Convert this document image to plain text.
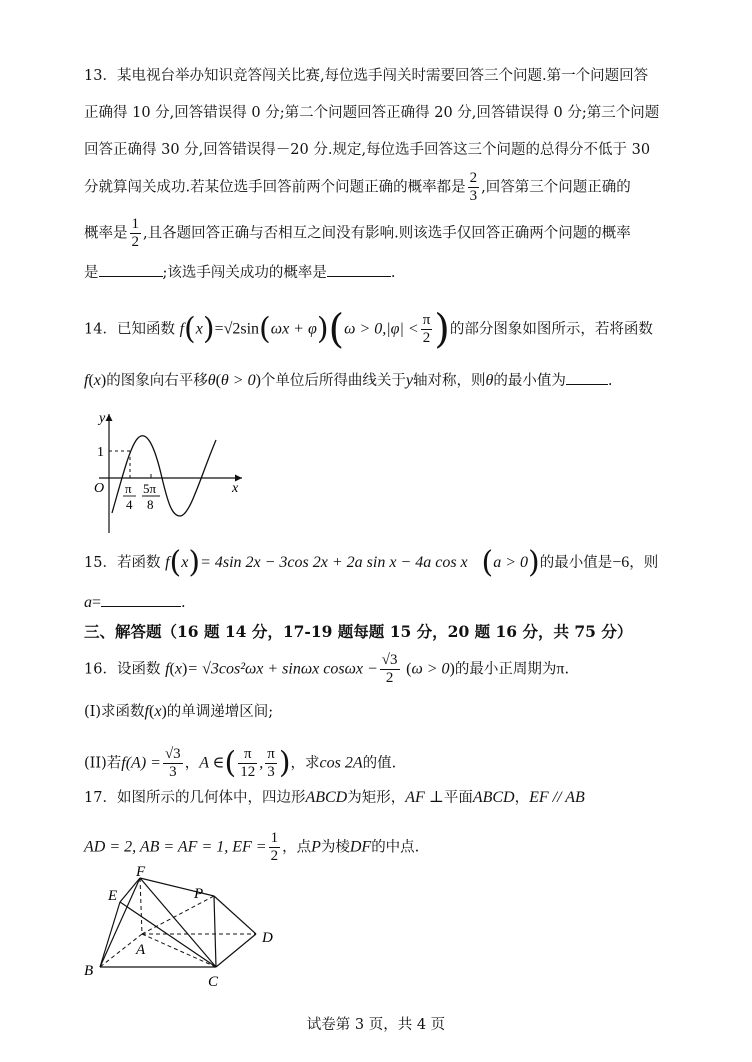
13．某电视台举办知识竞答闯关比赛,每位选手闯关时需要回答三个问题.第一个问题回答
正确得 10 分,回答错误得 0 分;第二个问题回答正确得 20 分,回答错误得 0 分;第三个问题
回答正确得 30 分,回答错误得－20 分.规定,每位选手回答这三个问题的总得分不低于 30
分就算闯关成功.若某位选手回答前两个问题正确的概率都是 $\frac{2}{3}$ ,回答第三个问题正确的
概率是 $\frac{1}{2}$ ,且各题回答正确与否相互之间没有影响.则该选手仅回答正确两个问题的概率
是	;该选手闯关成功的概率是	.
14．已知函数 $f(x)=√2\sin(\omega x + \varphi)(\omega > 0,|\varphi| < \frac{\pi}{2}$ )的部分图象如图所示，若将函数
f(x)的图象向右平移θ(θ > 0)个单位后所得曲线关于y轴对称，则θ的最小值为	.
y
1
O	x
π
4
5π
8
15．若函数 f(x)= 4sin 2x − 3cos 2x + 2a sin x − 4a cos x (a > 0)的最小值是−6，则
a=	.
三、解答题（16 题 14 分，17-19 题每题 15 分，20 题 16 分，共 75 分）
16．设函数 f(x)= √3cos²ωx + sinωx $\cos\omega x - \frac{√3}{2} (\omega > 0)$的最小正周期为π.
(I)求函数f(x)的单调递增区间;
(II)若$f(A) = \frac{√3}{3}$ ，A ∈( $\frac{\pi}{12}$ , $\frac{\pi}{3}$ )，求cos 2A的值.
17．如图所示的几何体中，四边形ABCD为矩形，AF ⊥平面ABCD，EF // AB
AD = 2, AB = AF = 1, EF = $\frac{1}{2}$ ，点P为棱DF的中点.
F
E	P
A
D
B
C
试卷第 3 页，共 4 页
